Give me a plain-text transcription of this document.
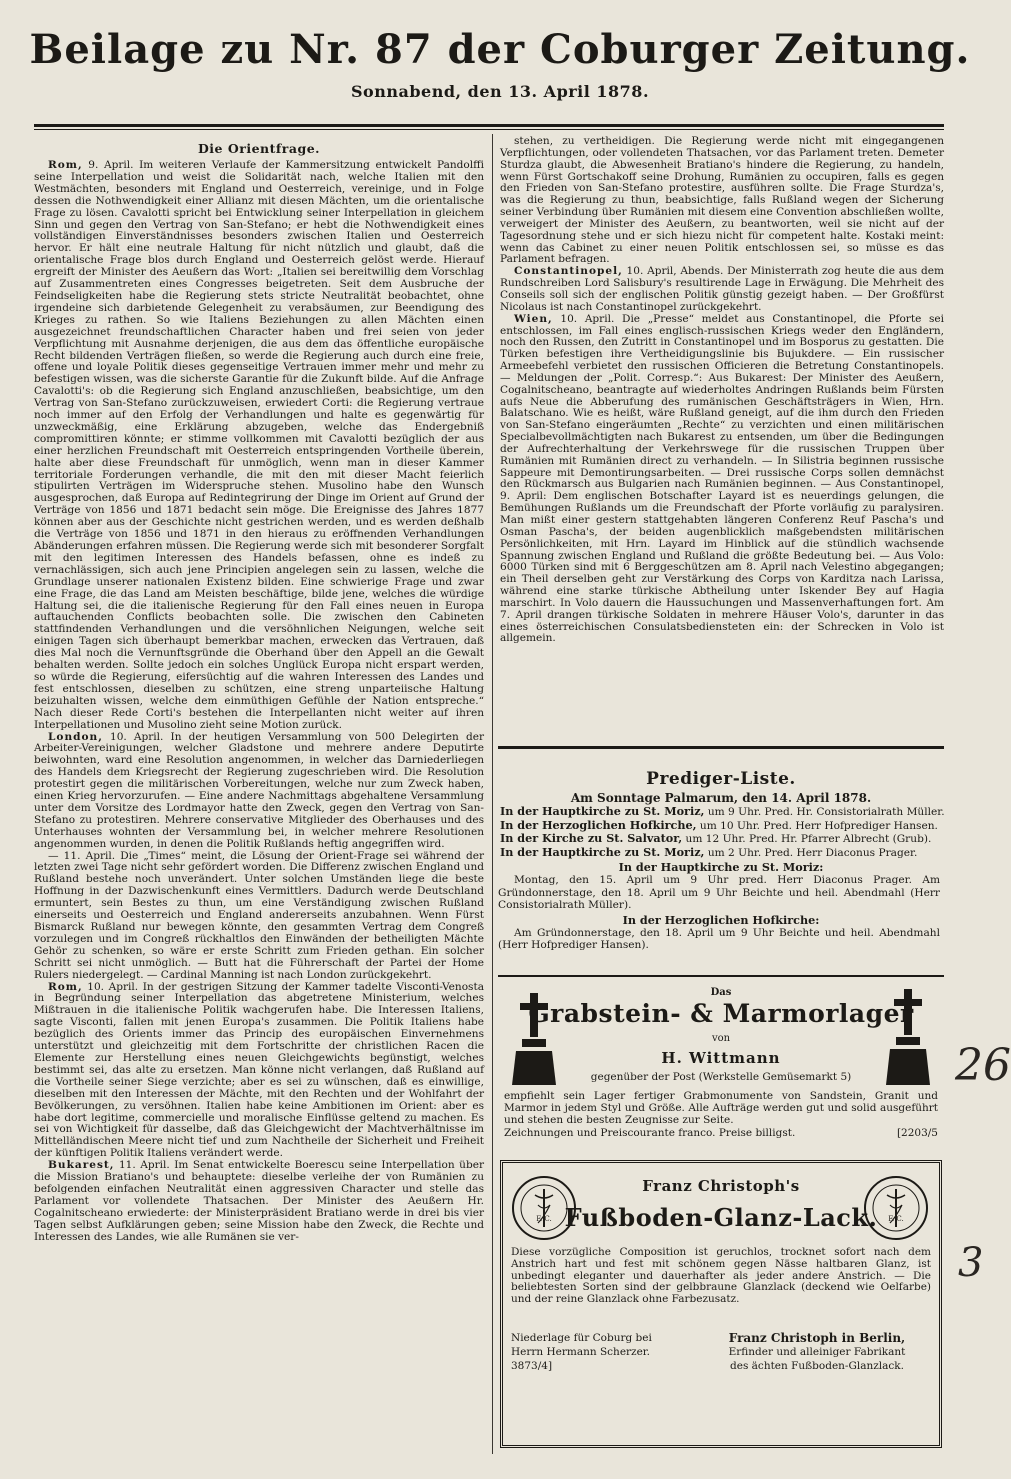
Beilage zu Nr. 87 der Coburger Zeitung.
Sonnabend, den 13. April 1878.
Die Orientfrage.

Rom, 9. April. Im weiteren Verlaufe der Kammersitzung entwickelt Pandolffi seine Interpellation und weist die Solidarität nach, welche Italien mit den Westmächten, besonders mit England und Oesterreich, vereinige, und in Folge dessen die Nothwendigkeit einer Allianz mit diesen Mächten, um die orientalische Frage zu lösen. Cavalotti spricht bei Entwicklung seiner Interpellation in gleichem Sinn und gegen den Vertrag von San-Stefano; er hebt die Nothwendigkeit eines vollständigen Einverständnisses besonders zwischen Italien und Oesterreich hervor. Er hält eine neutrale Haltung für nicht nützlich und glaubt, daß die orientalische Frage blos durch England und Oesterreich gelöst werde. Hierauf ergreift der Minister des Aeußern das Wort: „Italien sei bereitwillig dem Vorschlag auf Zusammentreten eines Congresses beigetreten. Seit dem Ausbruche der Feindseligkeiten habe die Regierung stets stricte Neutralität beobachtet, ohne irgendeine sich darbietende Gelegenheit zu verabsäumen, zur Beendigung des Krieges zu rathen. So wie Italiens Beziehungen zu allen Mächten einen ausgezeichnet freundschaftlichen Character haben und frei seien von jeder Verpflichtung mit Ausnahme derjenigen, die aus dem das öffentliche europäische Recht bildenden Verträgen fließen, so werde die Regierung auch durch eine freie, offene und loyale Politik dieses gegenseitige Vertrauen immer mehr und mehr zu befestigen wissen, was die sicherste Garantie für die Zukunft bilde. Auf die Anfrage Cavalotti's: ob die Regierung sich England anzuschließen, beabsichtige, um den Vertrag von San-Stefano zurückzuweisen, erwiedert Corti: die Regierung vertraue noch immer auf den Erfolg der Verhandlungen und halte es gegenwärtig für unzweckmäßig, eine Erklärung abzugeben, welche das Endergebniß compromittiren könnte; er stimme vollkommen mit Cavalotti bezüglich der aus einer herzlichen Freundschaft mit Oesterreich entspringenden Vortheile überein, halte aber diese Freundschaft für unmöglich, wenn man in dieser Kammer territoriale Forderungen verhandle, die mit den mit dieser Macht feierlich stipulirten Verträgen im Widerspruche stehen. Musolino habe den Wunsch ausgesprochen, daß Europa auf Redintegrirung der Dinge im Orient auf Grund der Verträge von 1856 und 1871 bedacht sein möge. Die Ereignisse des Jahres 1877 können aber aus der Geschichte nicht gestrichen werden, und es werden deßhalb die Verträge von 1856 und 1871 in den hieraus zu eröffnenden Verhandlungen Abänderungen erfahren müssen. Die Regierung werde sich mit besonderer Sorgfalt mit den legitimen Interessen des Handels befassen, ohne es indeß zu vernachlässigen, sich auch jene Principien angelegen sein zu lassen, welche die Grundlage unserer nationalen Existenz bilden. Eine schwierige Frage und zwar eine Frage, die das Land am Meisten beschäftige, bilde jene, welches die würdige Haltung sei, die die italienische Regierung für den Fall eines neuen in Europa auftauchenden Conflicts beobachten solle. Die zwischen den Cabineten stattfindenden Verhandlungen und die versöhnlichen Neigungen, welche seit einigen Tagen sich überhaupt bemerkbar machen, erwecken das Vertrauen, daß dies Mal noch die Vernunftsgründe die Oberhand über den Appell an die Gewalt behalten werden. Sollte jedoch ein solches Unglück Europa nicht erspart werden, so würde die Regierung, eifersüchtig auf die wahren Interessen des Landes und fest entschlossen, dieselben zu schützen, eine streng unparteiische Haltung beizuhalten wissen, welche dem einmüthigen Gefühle der Nation entspreche.“ Nach dieser Rede Corti's bestehen die Interpellanten nicht weiter auf ihren Interpellationen und Musolino zieht seine Motion zurück.

London, 10. April. In der heutigen Versammlung von 500 Delegirten der Arbeiter-Vereinigungen, welcher Gladstone und mehrere andere Deputirte beiwohnten, ward eine Resolution angenommen, in welcher das Darniederliegen des Handels dem Kriegsrecht der Regierung zugeschrieben wird. Die Resolution protestirt gegen die militärischen Vorbereitungen, welche nur zum Zweck haben, einen Krieg hervorzurufen. — Eine andere Nachmittags abgehaltene Versammlung unter dem Vorsitze des Lordmayor hatte den Zweck, gegen den Vertrag von San-Stefano zu protestiren. Mehrere conservative Mitglieder des Oberhauses und des Unterhauses wohnten der Versammlung bei, in welcher mehrere Resolutionen angenommen wurden, in denen die Politik Rußlands heftig angegriffen wird.

— 11. April. Die „Times“ meint, die Lösung der Orient-Frage sei während der letzten zwei Tage nicht sehr gefördert worden. Die Differenz zwischen England und Rußland bestehe noch unverändert. Unter solchen Umständen liege die beste Hoffnung in der Dazwischenkunft eines Vermittlers. Dadurch werde Deutschland ermuntert, sein Bestes zu thun, um eine Verständigung zwischen Rußland einerseits und Oesterreich und England andererseits anzubahnen. Wenn Fürst Bismarck Rußland nur bewegen könnte, den gesammten Vertrag dem Congreß vorzulegen und im Congreß rückhaltlos den Einwänden der betheiligten Mächte Gehör zu schenken, so wäre er erste Schritt zum Frieden gethan. Ein solcher Schritt sei nicht unmöglich. — Butt hat die Führerschaft der Partei der Home Rulers niedergelegt. — Cardinal Manning ist nach London zurückgekehrt.

Rom, 10. April. In der gestrigen Sitzung der Kammer tadelte Visconti-Venosta in Begründung seiner Interpellation das abgetretene Ministerium, welches Mißtrauen in die italienische Politik wachgerufen habe. Die Interessen Italiens, sagte Visconti, fallen mit jenen Europa's zusammen. Die Politik Italiens habe bezüglich des Orients immer das Princip des europäischen Einvernehmens unterstützt und gleichzeitig mit dem Fortschritte der christlichen Racen die Elemente zur Herstellung eines neuen Gleichgewichts begünstigt, welches bestimmt sei, das alte zu ersetzen. Man könne nicht verlangen, daß Rußland auf die Vortheile seiner Siege verzichte; aber es sei zu wünschen, daß es einwillige, dieselben mit den Interessen der Mächte, mit den Rechten und der Wohlfahrt der Bevölkerungen, zu versöhnen. Italien habe keine Ambitionen im Orient: aber es habe dort legitime, commercielle und moralische Einflüsse geltend zu machen. Es sei von Wichtigkeit für dasselbe, daß das Gleichgewicht der Machtverhältnisse im Mittelländischen Meere nicht tief und zum Nachtheile der Sicherheit und Freiheit der künftigen Politik Italiens verändert werde.

Bukarest, 11. April. Im Senat entwickelte Boerescu seine Interpellation über die Mission Bratiano's und behauptete: dieselbe verleihe der von Rumänien zu befolgenden einfachen Neutralität einen aggressiven Character und stelle das Parlament vor vollendete Thatsachen. Der Minister des Aeußern Hr. Cogalnitscheano erwiederte: der Ministerpräsident Bratiano werde in drei bis vier Tagen selbst Aufklärungen geben; seine Mission habe den Zweck, die Rechte und Interessen des Landes, wie alle Rumänen sie ver-

stehen, zu vertheidigen. Die Regierung werde nicht mit eingegangenen Verpflichtungen, oder vollendeten Thatsachen, vor das Parlament treten. Demeter Sturdza glaubt, die Abwesenheit Bratiano's hindere die Regierung, zu handeln, wenn Fürst Gortschakoff seine Drohung, Rumänien zu occupiren, falls es gegen den Frieden von San-Stefano protestire, ausführen sollte. Die Frage Sturdza's, was die Regierung zu thun, beabsichtige, falls Rußland wegen der Sicherung seiner Verbindung über Rumänien mit diesem eine Convention abschließen wollte, verweigert der Minister des Aeußern, zu beantworten, weil sie nicht auf der Tagesordnung stehe und er sich hiezu nicht für competent halte. Kostaki meint: wenn das Cabinet zu einer neuen Politik entschlossen sei, so müsse es das Parlament befragen.

Constantinopel, 10. April, Abends. Der Ministerrath zog heute die aus dem Rundschreiben Lord Salisbury's resultirende Lage in Erwägung. Die Mehrheit des Conseils soll sich der englischen Politik günstig gezeigt haben. — Der Großfürst Nicolaus ist nach Constantinopel zurückgekehrt.

Wien, 10. April. Die „Presse“ meldet aus Constantinopel, die Pforte sei entschlossen, im Fall eines englisch-russischen Kriegs weder den Engländern, noch den Russen, den Zutritt in Constantinopel und im Bosporus zu gestatten. Die Türken befestigen ihre Vertheidigungslinie bis Bujukdere. — Ein russischer Armeebefehl verbietet den russischen Officieren die Betretung Constantinopels. — Meldungen der „Polit. Corresp.“: Aus Bukarest: Der Minister des Aeußern, Cogalnitscheano, beantragte auf wiederholtes Andringen Rußlands beim Fürsten aufs Neue die Abberufung des rumänischen Geschäftsträgers in Wien, Hrn. Balatschano. Wie es heißt, wäre Rußland geneigt, auf die ihm durch den Frieden von San-Stefano eingeräumten „Rechte“ zu verzichten und einen militärischen Specialbevollmächtigten nach Bukarest zu entsenden, um über die Bedingungen der Aufrechterhaltung der Verkehrswege für die russischen Truppen über Rumänien mit Rumänien direct zu verhandeln. — In Silistria beginnen russische Sappeure mit Demontirungsarbeiten. — Drei russische Corps sollen demnächst den Rückmarsch aus Bulgarien nach Rumänien beginnen. — Aus Constantinopel, 9. April: Dem englischen Botschafter Layard ist es neuerdings gelungen, die Bemühungen Rußlands um die Freundschaft der Pforte vorläufig zu paralysiren. Man mißt einer gestern stattgehabten längeren Conferenz Reuf Pascha's und Osman Pascha's, der beiden augenblicklich maßgebendsten militärischen Persönlichkeiten, mit Hrn. Layard im Hinblick auf die stündlich wachsende Spannung zwischen England und Rußland die größte Bedeutung bei. — Aus Volo: 6000 Türken sind mit 6 Berggeschützen am 8. April nach Velestino abgegangen; ein Theil derselben geht zur Verstärkung des Corps von Karditza nach Larissa, während eine starke türkische Abtheilung unter Iskender Bey auf Hagia marschirt. In Volo dauern die Haussuchungen und Massenverhaftungen fort. Am 7. April drangen türkische Soldaten in mehrere Häuser Volo's, darunter in das eines österreichischen Consulatsbediensteten ein: der Schrecken in Volo ist allgemein.

Prediger-Liste.
Am Sonntage Palmarum, den 14. April 1878.
In der Hauptkirche zu St. Moriz, um 9 Uhr. Pred. Hr. Consistorialrath Müller.
In der Herzoglichen Hofkirche, um 10 Uhr. Pred. Herr Hofprediger Hansen.
In der Kirche zu St. Salvator, um 12 Uhr. Pred. Hr. Pfarrer Albrecht (Grub).
In der Hauptkirche zu St. Moriz, um 2 Uhr. Pred. Herr Diaconus Prager.
In der Hauptkirche zu St. Moriz:
Montag, den 15. April um 9 Uhr pred. Herr Diaconus Prager. Am Gründonnerstage, den 18. April um 9 Uhr Beichte und heil. Abendmahl (Herr Consistorialrath Müller).
In der Herzoglichen Hofkirche:
Am Gründonnerstage, den 18. April um 9 Uhr Beichte und heil. Abendmahl (Herr Hofprediger Hansen).
Das
Grabstein- & Marmorlager
von
H. Wittmann
gegenüber der Post (Werkstelle Gemüsemarkt 5)
empfiehlt sein Lager fertiger Grabmonumente von Sandstein, Granit und Marmor in jedem Styl und Größe. Alle Aufträge werden gut und solid ausgeführt und stehen die besten Zeugnisse zur Seite.
Zeichnungen und Preiscourante franco. Preise billigst.	[2203/5
F. C.	F. C.
Franz Christoph's
Fußboden-Glanz-Lack.
Diese vorzügliche Composition ist geruchlos, trocknet sofort nach dem Anstrich hart und fest mit schönem gegen Nässe haltbaren Glanz, ist unbedingt eleganter und dauerhafter als jeder andere Anstrich. — Die beliebtesten Sorten sind der gelbbraune Glanzlack (deckend wie Oelfarbe) und der reine Glanzlack ohne Farbezusatz.
Niederlage für Coburg bei
Herrn Hermann Scherzer.
3873/4]
Franz Christoph in Berlin,
Erfinder und alleiniger Fabrikant
des ächten Fußboden-Glanzlack.
26
3
